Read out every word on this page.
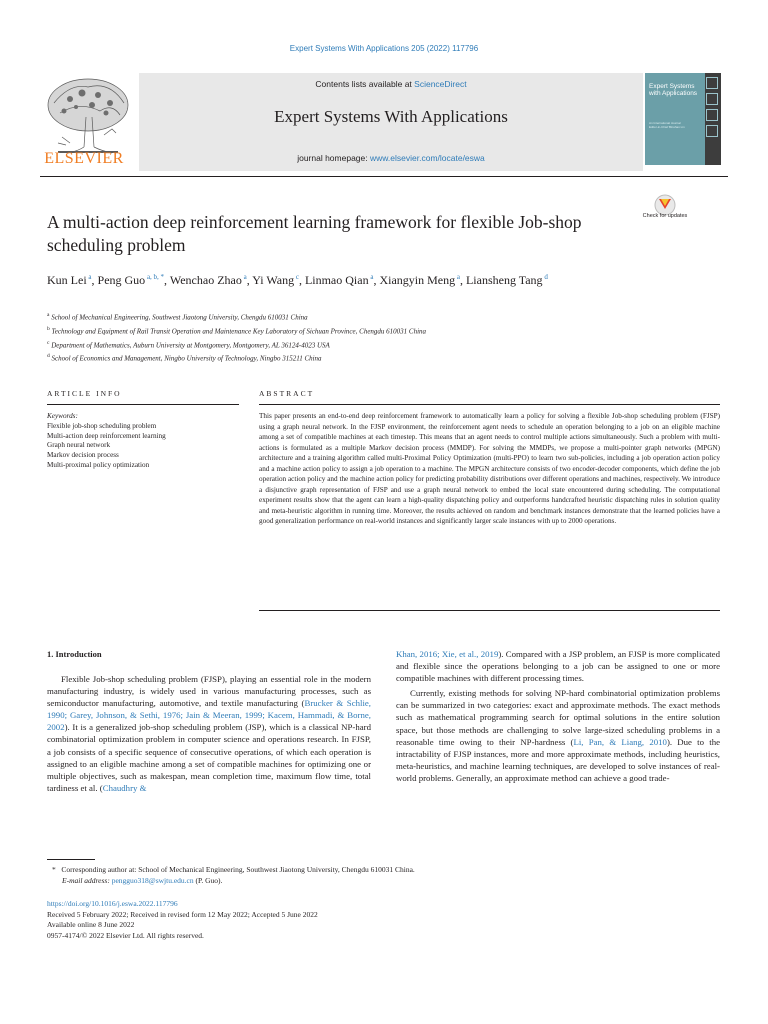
Expert Systems With Applications 205 (2022) 117796
ELSEVIER
Contents lists available at ScienceDirect
Expert Systems With Applications
journal homepage: www.elsevier.com/locate/eswa
Expert Systems with Applications
An International Journal
Editor-in-Chief Binshan Lin
A multi-action deep reinforcement learning framework for flexible Job-shop scheduling problem
Check for updates
Kun Lei $^a$, Peng Guo $^{a, b, *}$, Wenchao Zhao $^a$, Yi Wang $^c$, Linmao Qian $^a$, Xiangyin Meng $^a$, Liansheng Tang $^d$
$^a$ School of Mechanical Engineering, Southwest Jiaotong University, Chengdu 610031 China
$^b$ Technology and Equipment of Rail Transit Operation and Maintenance Key Laboratory of Sichuan Province, Chengdu 610031 China
$^c$ Department of Mathematics, Auburn University at Montgomery, Montgomery, AL 36124-4023 USA
$^d$ School of Economics and Management, Ningbo University of Technology, Ningbo 315211 China
ARTICLE INFO	ABSTRACT
Keywords:
Flexible job-shop scheduling problem
Multi-action deep reinforcement learning
Graph neural network
Markov decision process
Multi-proximal policy optimization
This paper presents an end-to-end deep reinforcement framework to automatically learn a policy for solving a flexible Job-shop scheduling problem (FJSP) using a graph neural network. In the FJSP environment, the reinforcement agent needs to schedule an operation belonging to a job on an eligible machine among a set of compatible machines at each timestep. This means that an agent needs to control multiple actions simultaneously. Such a problem with multi-actions is formulated as a multiple Markov decision process (MMDP). For solving the MMDPs, we propose a multi-pointer graph networks (MPGN) architecture and a training algorithm called multi-Proximal Policy Optimization (multi-PPO) to learn two sub-policies, including a job operation action policy and a machine action policy to assign a job operation to a machine. The MPGN architecture consists of two encoder-decoder components, which define the job operation action policy and the machine action policy for predicting probability distributions over different operations and machines, respectively. We introduce a disjunctive graph representation of FJSP and use a graph neural network to embed the local state encountered during scheduling. The computational experiment results show that the agent can learn a high-quality dispatching policy and outperforms handcrafted heuristic dispatching rules in solution quality and meta-heuristic algorithm in running time. Moreover, the results achieved on random and benchmark instances demonstrate that the learned policies have a good generalization performance on real-world instances and significantly larger scale instances with up to 2000 operations.
1. Introduction

Flexible Job-shop scheduling problem (FJSP), playing an essential role in the modern manufacturing industry, is widely used in various manufacturing processes, such as semiconductor manufacturing, automotive, and textile manufacturing (Brucker & Schlie, 1990; Garey, Johnson, & Sethi, 1976; Jain & Meeran, 1999; Kacem, Hammadi, & Borne, 2002). It is a generalized job-shop scheduling problem (JSP), which is a classical NP-hard combinatorial optimization problem in computer science and operations research. In FJSP, a job consists of a specific sequence of consecutive operations, of which each operation is assigned to an eligible machine among a set of compatible machines for optimizing one or multiple objectives, such as makespan, mean completion time, maximum flow time, total tardiness et al. (Chaudhry &

Khan, 2016; Xie, et al., 2019). Compared with a JSP problem, an FJSP is more complicated and flexible since the operations belonging to a job can be assigned to one or more compatible machines with different processing times.

Currently, existing methods for solving NP-hard combinatorial optimization problems can be summarized in two categories: exact and approximate methods. The exact methods such as mathematical programming search for optimal solutions in the entire solution space, but those methods are challenging to solve large-sized scheduling problems in a reasonable time owing to their NP-hardness (Li, Pan, & Liang, 2010). Due to the intractability of FJSP instances, more and more approximate methods, including heuristics, meta-heuristics, and machine learning techniques, are developed to solve instances of real-world problems. Generally, an approximate method can achieve a good trade-

* Corresponding author at: School of Mechanical Engineering, Southwest Jiaotong University, Chengdu 610031 China.
E-mail address: pengguo318@swjtu.edu.cn (P. Guo).
https://doi.org/10.1016/j.eswa.2022.117796
Received 5 February 2022; Received in revised form 12 May 2022; Accepted 5 June 2022
Available online 8 June 2022
0957-4174/© 2022 Elsevier Ltd. All rights reserved.
